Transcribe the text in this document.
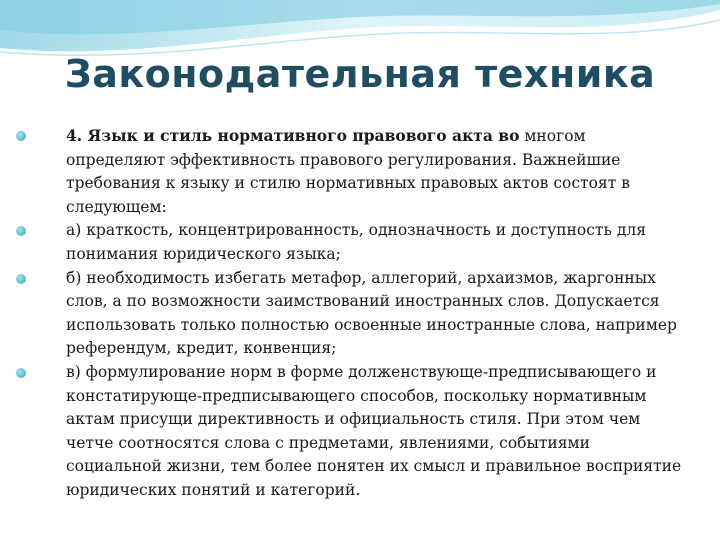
Законодательная техника
4. Язык и стиль нормативного правового акта во многом определяют эффективность правового регулирования. Важнейшие требования к языку и стилю нормативных правовых актов состоят в следующем:
а) краткость, концентрированность, однозначность и доступность для понимания юридического языка;
б) необходимость избегать метафор, аллегорий, архаизмов, жаргонных слов, а по возможности заимствований иностранных слов. Допускается использовать только полностью освоенные иностранные слова, например референдум, кредит, конвенция;
в) формулирование норм в форме долженствующе-предписывающего и констатирующе-предписывающего способов, поскольку нормативным актам присущи директивность и официальность стиля. При этом чем четче соотносятся слова с предметами, явлениями, событиями социальной жизни, тем более понятен их смысл и правильное восприятие юридических понятий и категорий.
